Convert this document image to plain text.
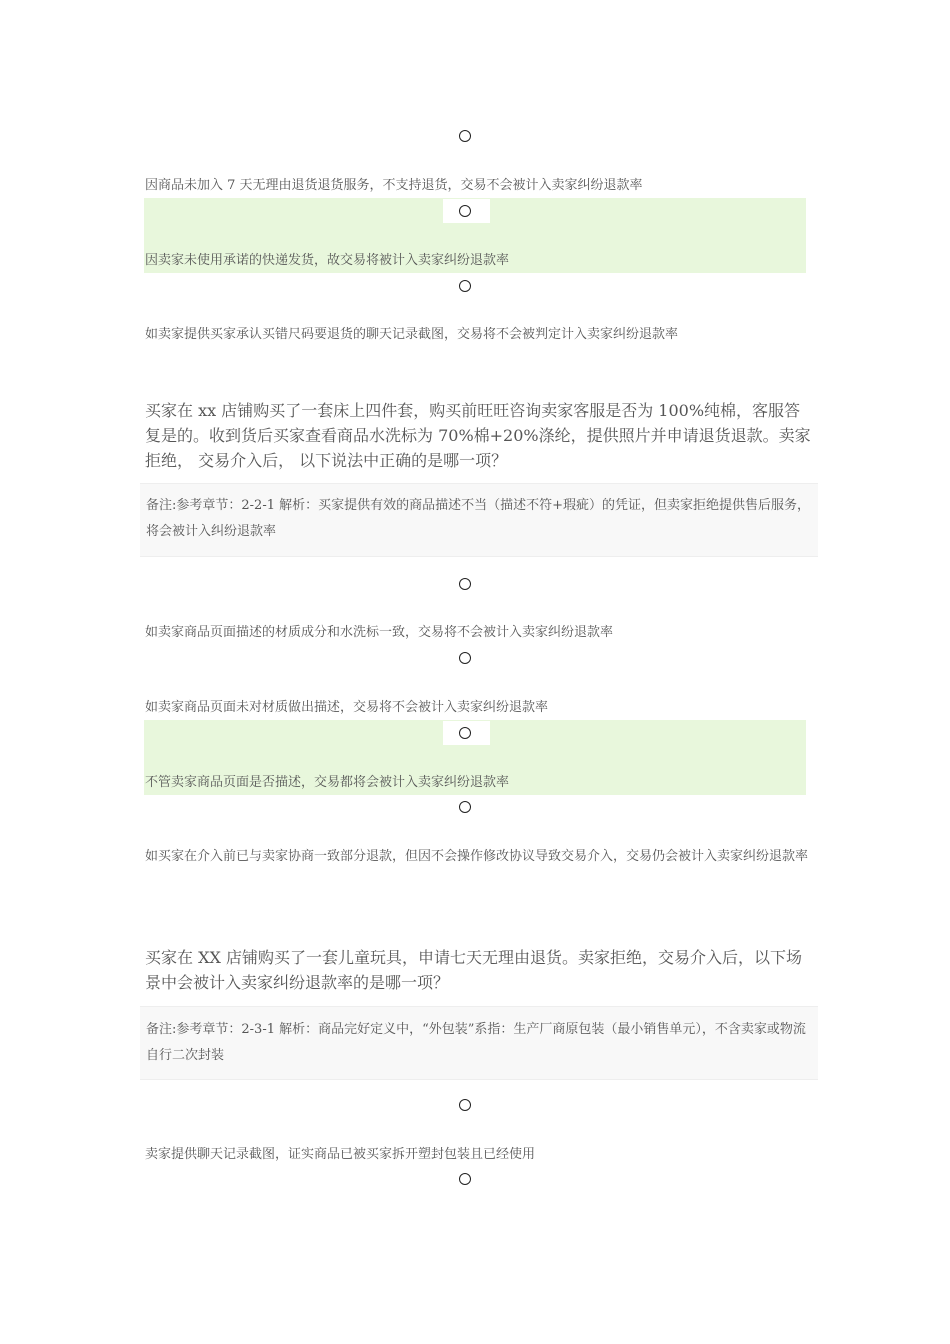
因商品未加入 7 天无理由退货退货服务，不支持退货，交易不会被计入卖家纠纷退款率
因卖家未使用承诺的快递发货，故交易将被计入卖家纠纷退款率
如卖家提供买家承认买错尺码要退货的聊天记录截图，交易将不会被判定计入卖家纠纷退款率
买家在 xx 店铺购买了一套床上四件套，购买前旺旺咨询卖家客服是否为 100%纯棉，客服答复是的。收到货后买家查看商品水洗标为 70%棉+20%涤纶，提供照片并申请退货退款。卖家拒绝， 交易介入后， 以下说法中正确的是哪一项？
备注:参考章节：2-2-1 解析：买家提供有效的商品描述不当（描述不符+瑕疵）的凭证，但卖家拒绝提供售后服务，将会被计入纠纷退款率
如卖家商品页面描述的材质成分和水洗标一致，交易将不会被计入卖家纠纷退款率
如卖家商品页面未对材质做出描述，交易将不会被计入卖家纠纷退款率
不管卖家商品页面是否描述，交易都将会被计入卖家纠纷退款率
如买家在介入前已与卖家协商一致部分退款，但因不会操作修改协议导致交易介入，交易仍会被计入卖家纠纷退款率
买家在 XX 店铺购买了一套儿童玩具，申请七天无理由退货。卖家拒绝，交易介入后，以下场景中会被计入卖家纠纷退款率的是哪一项？
备注:参考章节：2-3-1 解析：商品完好定义中，“外包装”系指：生产厂商原包装（最小销售单元），不含卖家或物流自行二次封装
卖家提供聊天记录截图，证实商品已被买家拆开塑封包装且已经使用
